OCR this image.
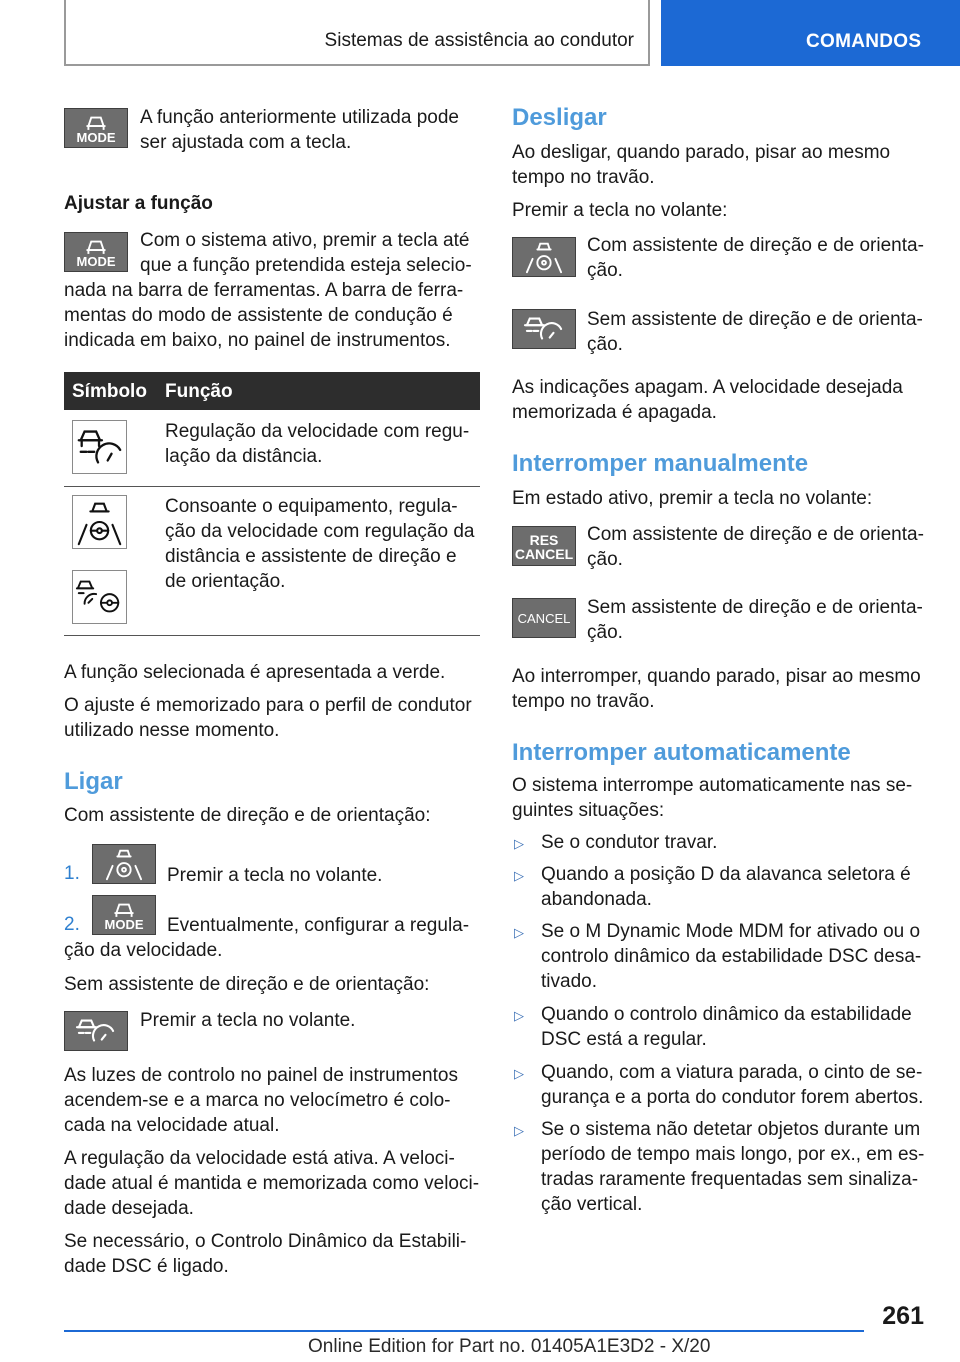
Sistemas de assistência ao condutor	COMANDOS
MODE
A função anteriormente utilizada pode ser ajustada com a tecla.
Ajustar a função
MODE
Com o sistema ativo, premir a tecla até
que a função pretendida esteja selecio-
nada na barra de ferramentas. A barra de ferra-
mentas do modo de assistente de condução é
indicada em baixo, no painel de instrumentos.
Símbolo Função
Regulação da velocidade com regu-
lação da distância.
Consoante o equipamento, regula-
ção da velocidade com regulação da
distância e assistente de direção e
de orientação.
A função selecionada é apresentada a verde.
O ajuste é memorizado para o perfil de condutor
utilizado nesse momento.
Ligar
Com assistente de direção e de orientação:
1.	Premir a tecla no volante.
2.	MODE	Eventualmente, configurar a regula-
ção da velocidade.
Sem assistente de direção e de orientação:
Premir a tecla no volante.
As luzes de controlo no painel de instrumentos
acendem-se e a marca no velocímetro é colo-
cada na velocidade atual.
A regulação da velocidade está ativa. A veloci-
dade atual é mantida e memorizada como veloci-
dade desejada.
Se necessário, o Controlo Dinâmico da Estabili-
dade DSC é ligado.
Desligar
Ao desligar, quando parado, pisar ao mesmo
tempo no travão.
Premir a tecla no volante:
Com assistente de direção e de orienta-
ção.
Sem assistente de direção e de orienta-
ção.
As indicações apagam. A velocidade desejada
memorizada é apagada.
Interromper manualmente
Em estado ativo, premir a tecla no volante:
RES
CANCEL
Com assistente de direção e de orienta-
ção.
CANCEL
Sem assistente de direção e de orienta-
ção.
Ao interromper, quando parado, pisar ao mesmo
tempo no travão.
Interromper automaticamente
O sistema interrompe automaticamente nas se-
guintes situações:
▷ Se o condutor travar.
▷ Quando a posição D da alavanca seletora é
abandonada.
▷ Se o M Dynamic Mode MDM for ativado ou o
controlo dinâmico da estabilidade DSC desa-
tivado.
▷ Quando o controlo dinâmico da estabilidade
DSC está a regular.
▷ Quando, com a viatura parada, o cinto de se-
gurança e a porta do condutor forem abertos.
▷ Se o sistema não detetar objetos durante um
período de tempo mais longo, por ex., em es-
tradas raramente frequentadas sem sinaliza-
ção vertical.
261
Online Edition for Part no. 01405A1E3D2 - X/20
